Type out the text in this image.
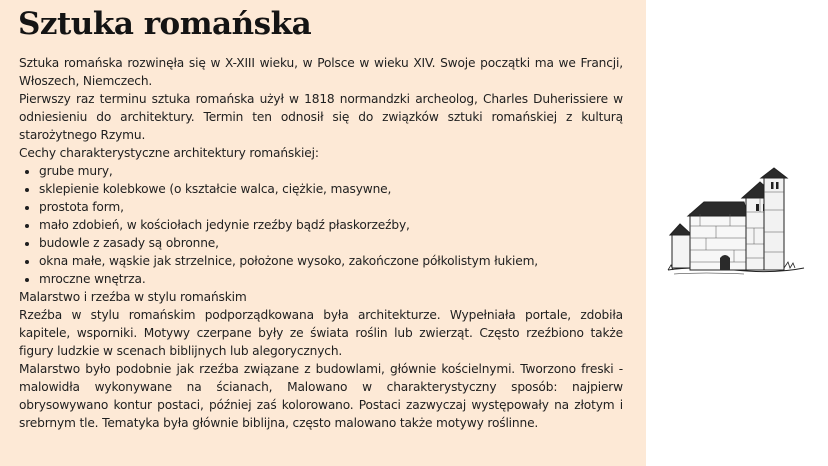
Sztuka romańska

Sztuka romańska rozwinęła się w X-XIII wieku, w Polsce w wieku XIV. Swoje początki ma we Francji, Włoszech, Niemczech.

Pierwszy raz terminu sztuka romańska użył w 1818 normandzki archeolog, Charles Duherissiere w odniesieniu do architektury. Termin ten odnosił się do związków sztuki romańskiej z kulturą starożytnego Rzymu.

Cechy charakterystyczne architektury romańskiej:

• grube mury,
• sklepienie kolebkowe (o kształcie walca, ciężkie, masywne,
• prostota form,
• mało zdobień, w kościołach jedynie rzeźby bądź płaskorzeźby,
• budowle z zasady są obronne,
• okna małe, wąskie jak strzelnice, położone wysoko, zakończone półkolistym łukiem,
• mroczne wnętrza.

Malarstwo i rzeźba w stylu romańskim

Rzeźba w stylu romańskim podporządkowana była architekturze. Wypełniała portale, zdobiła kapitele, wsporniki. Motywy czerpane były ze świata roślin lub zwierząt. Często rzeźbiono także figury ludzkie w scenach biblijnych lub alegorycznych.

Malarstwo było podobnie jak rzeźba związane z budowlami, głównie kościelnymi. Tworzono freski - malowidła wykonywane na ścianach, Malowano w charakterystyczny sposób: najpierw obrysowywano kontur postaci, później zaś kolorowano. Postaci zazwyczaj występowały na złotym i srebrnym tle. Tematyka była głównie biblijna, często malowano także motywy roślinne.
